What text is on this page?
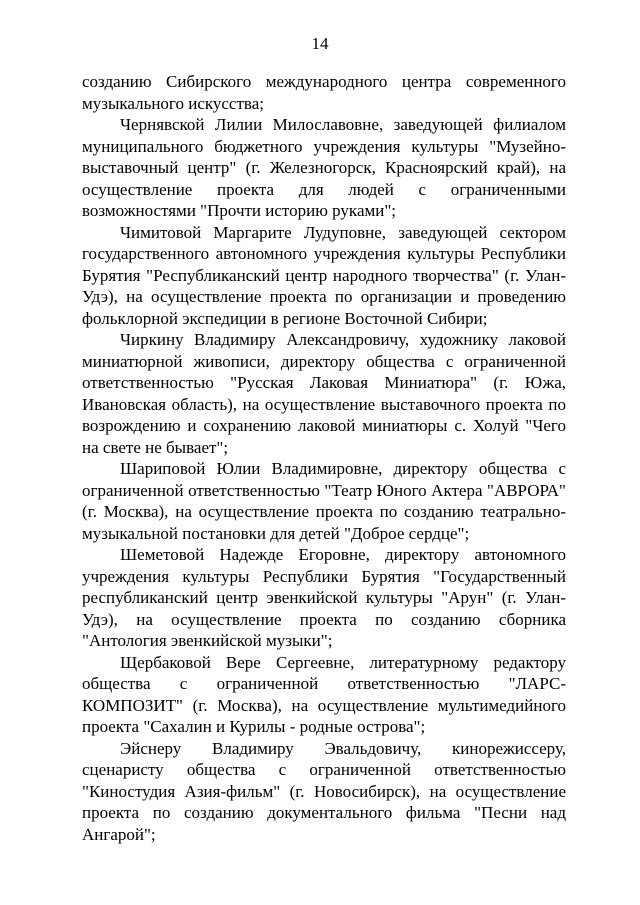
14

созданию Сибирского международного центра современного музыкального искусства;

Чернявской Лилии Милославовне, заведующей филиалом муниципального бюджетного учреждения культуры "Музейно-выставочный центр" (г. Железногорск, Красноярский край), на осуществление проекта для людей с ограниченными возможностями "Прочти историю руками";

Чимитовой Маргарите Лудуповне, заведующей сектором государственного автономного учреждения культуры Республики Бурятия "Республиканский центр народного творчества" (г. Улан-Удэ), на осуществление проекта по организации и проведению фольклорной экспедиции в регионе Восточной Сибири;

Чиркину Владимиру Александровичу, художнику лаковой миниатюрной живописи, директору общества с ограниченной ответственностью "Русская Лаковая Миниатюра" (г. Южа, Ивановская область), на осуществление выставочного проекта по возрождению и сохранению лаковой миниатюры с. Холуй "Чего на свете не бывает";

Шариповой Юлии Владимировне, директору общества с ограниченной ответственностью "Театр Юного Актера "АВРОРА" (г. Москва), на осуществление проекта по созданию театрально-музыкальной постановки для детей "Доброе сердце";

Шеметовой Надежде Егоровне, директору автономного учреждения культуры Республики Бурятия "Государственный республиканский центр эвенкийской культуры "Арун" (г. Улан-Удэ), на осуществление проекта по созданию сборника "Антология эвенкийской музыки";

Щербаковой Вере Сергеевне, литературному редактору общества с ограниченной ответственностью "ЛАРС-КОМПОЗИТ" (г. Москва), на осуществление мультимедийного проекта "Сахалин и Курилы - родные острова";

Эйснеру Владимиру Эвальдовичу, кинорежиссеру, сценаристу общества с ограниченной ответственностью "Киностудия Азия-фильм" (г. Новосибирск), на осуществление проекта по созданию документального фильма "Песни над Ангарой";
